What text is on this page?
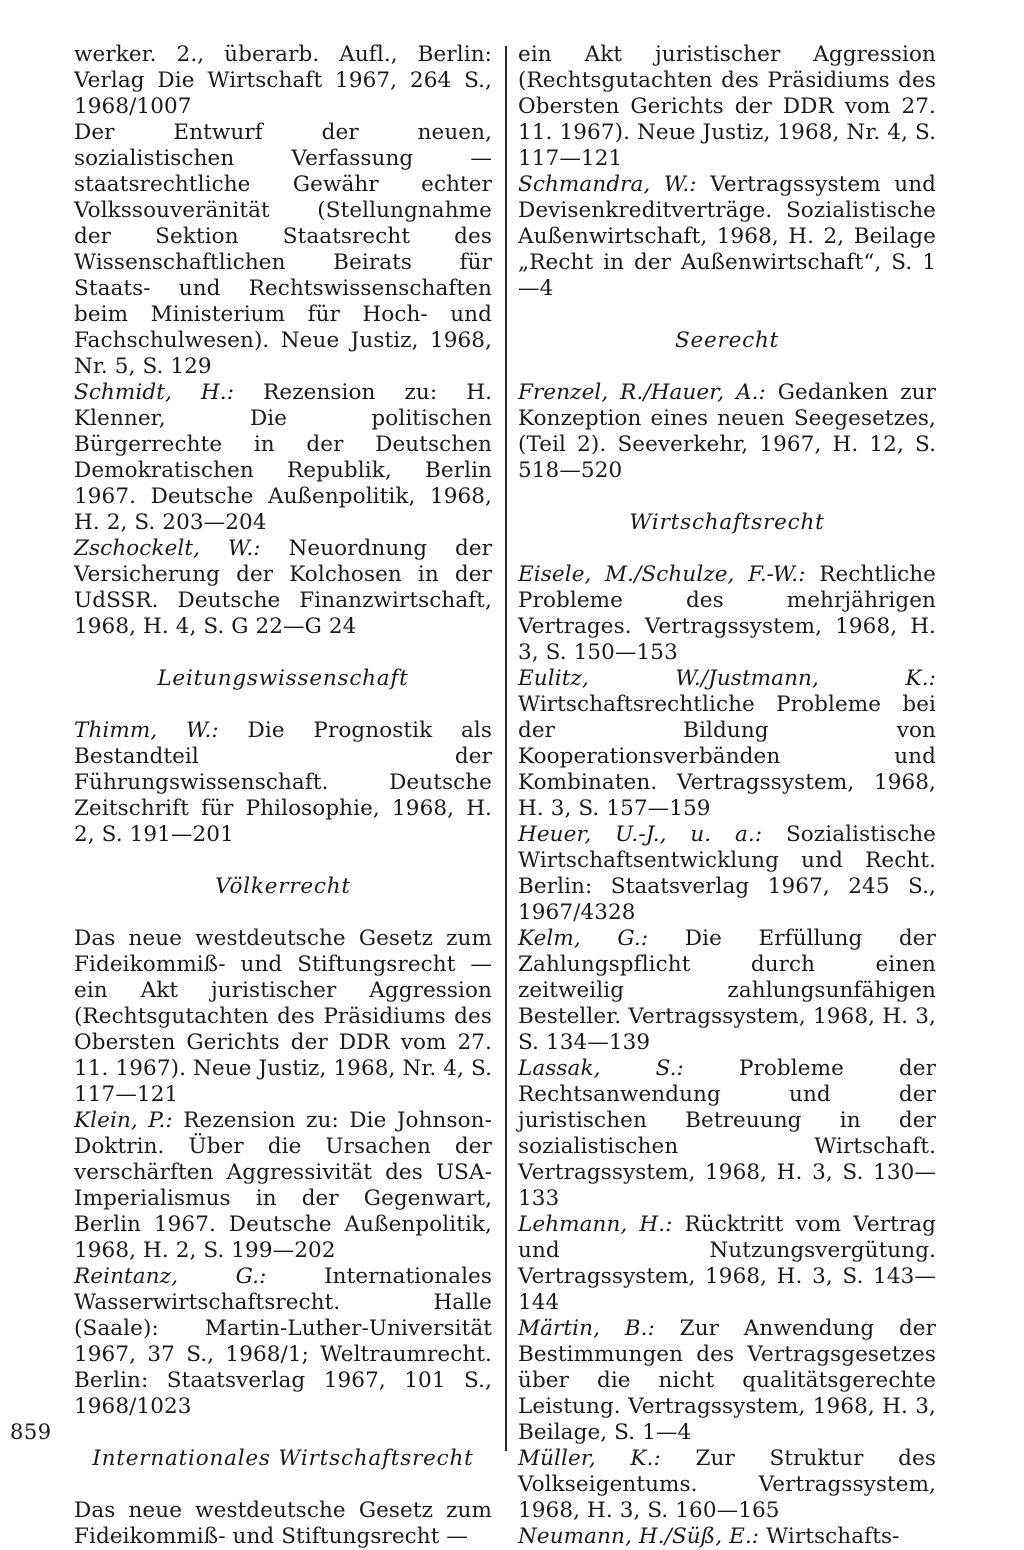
werker. 2., überarb. Aufl., Berlin: Verlag Die Wirtschaft 1967, 264 S., 1968/1007
Der Entwurf der neuen, sozialistischen Verfassung — staatsrechtliche Gewähr echter Volkssouveränität (Stellungnahme der Sektion Staatsrecht des Wissenschaftlichen Beirats für Staats- und Rechtswissenschaften beim Ministerium für Hoch- und Fachschulwesen). Neue Justiz, 1968, Nr. 5, S. 129
Schmidt, H.: Rezension zu: H. Klenner, Die politischen Bürgerrechte in der Deutschen Demokratischen Republik, Berlin 1967. Deutsche Außenpolitik, 1968, H. 2, S. 203—204
Zschockelt, W.: Neuordnung der Versicherung der Kolchosen in der UdSSR. Deutsche Finanzwirtschaft, 1968, H. 4, S. G 22—G 24
Leitungswissenschaft
Thimm, W.: Die Prognostik als Bestandteil der Führungswissenschaft. Deutsche Zeitschrift für Philosophie, 1968, H. 2, S. 191—201
Völkerrecht
Das neue westdeutsche Gesetz zum Fideikommiß- und Stiftungsrecht — ein Akt juristischer Aggression (Rechtsgutachten des Präsidiums des Obersten Gerichts der DDR vom 27. 11. 1967). Neue Justiz, 1968, Nr. 4, S. 117—121
Klein, P.: Rezension zu: Die Johnson-Doktrin. Über die Ursachen der verschärften Aggressivität des USA-Imperialismus in der Gegenwart, Berlin 1967. Deutsche Außenpolitik, 1968, H. 2, S. 199—202
Reintanz, G.:	Internationales Wasserwirtschaftsrecht. Halle (Saale): Martin-Luther-Universität 1967, 37 S., 1968/1; Weltraumrecht. Berlin: Staatsverlag 1967, 101 S., 1968/1023
Internationales Wirtschaftsrecht
Das neue westdeutsche Gesetz zum Fideikommiß- und Stiftungsrecht —
ein Akt juristischer Aggression (Rechtsgutachten des Präsidiums des Obersten Gerichts der DDR vom 27. 11. 1967). Neue Justiz, 1968, Nr. 4, S. 117—121
Schmandra, W.: Vertragssystem und Devisenkreditverträge. Sozialistische Außenwirtschaft, 1968, H. 2, Beilage „Recht in der Außenwirtschaft“, S. 1—4
Seerecht
Frenzel, R./Hauer, A.: Gedanken zur Konzeption eines neuen Seegesetzes, (Teil 2). Seeverkehr, 1967, H. 12, S. 518—520
Wirtschaftsrecht
Eisele, M./Schulze, F.-W.: Rechtliche Probleme des mehrjährigen Vertrages. Vertragssystem, 1968, H. 3, S. 150—153
Eulitz, W./Justmann, K.: Wirtschaftsrechtliche Probleme bei der Bildung von Kooperationsverbänden und Kombinaten. Vertragssystem, 1968, H. 3, S. 157—159
Heuer, U.-J., u. a.: Sozialistische Wirtschaftsentwicklung und Recht. Berlin: Staatsverlag 1967, 245 S., 1967/4328
Kelm, G.: Die Erfüllung der Zahlungspflicht durch einen zeitweilig zahlungsunfähigen Besteller. Vertragssystem, 1968, H. 3, S. 134—139
Lassak, S.:	Probleme der Rechtsanwendung und der juristischen Betreuung in der sozialistischen Wirtschaft. Vertragssystem, 1968, H. 3, S. 130—133
Lehmann, H.: Rücktritt vom Vertrag und Nutzungsvergütung. Vertragssystem, 1968, H. 3, S. 143—144
Märtin, B.: Zur Anwendung der Bestimmungen des Vertragsgesetzes über die nicht qualitätsgerechte Leistung. Vertragssystem, 1968, H. 3, Beilage, S. 1—4
Müller, K.: Zur Struktur des Volkseigentums. Vertragssystem, 1968, H. 3, S. 160—165
Neumann, H./Süß, E.: Wirtschafts-
859
